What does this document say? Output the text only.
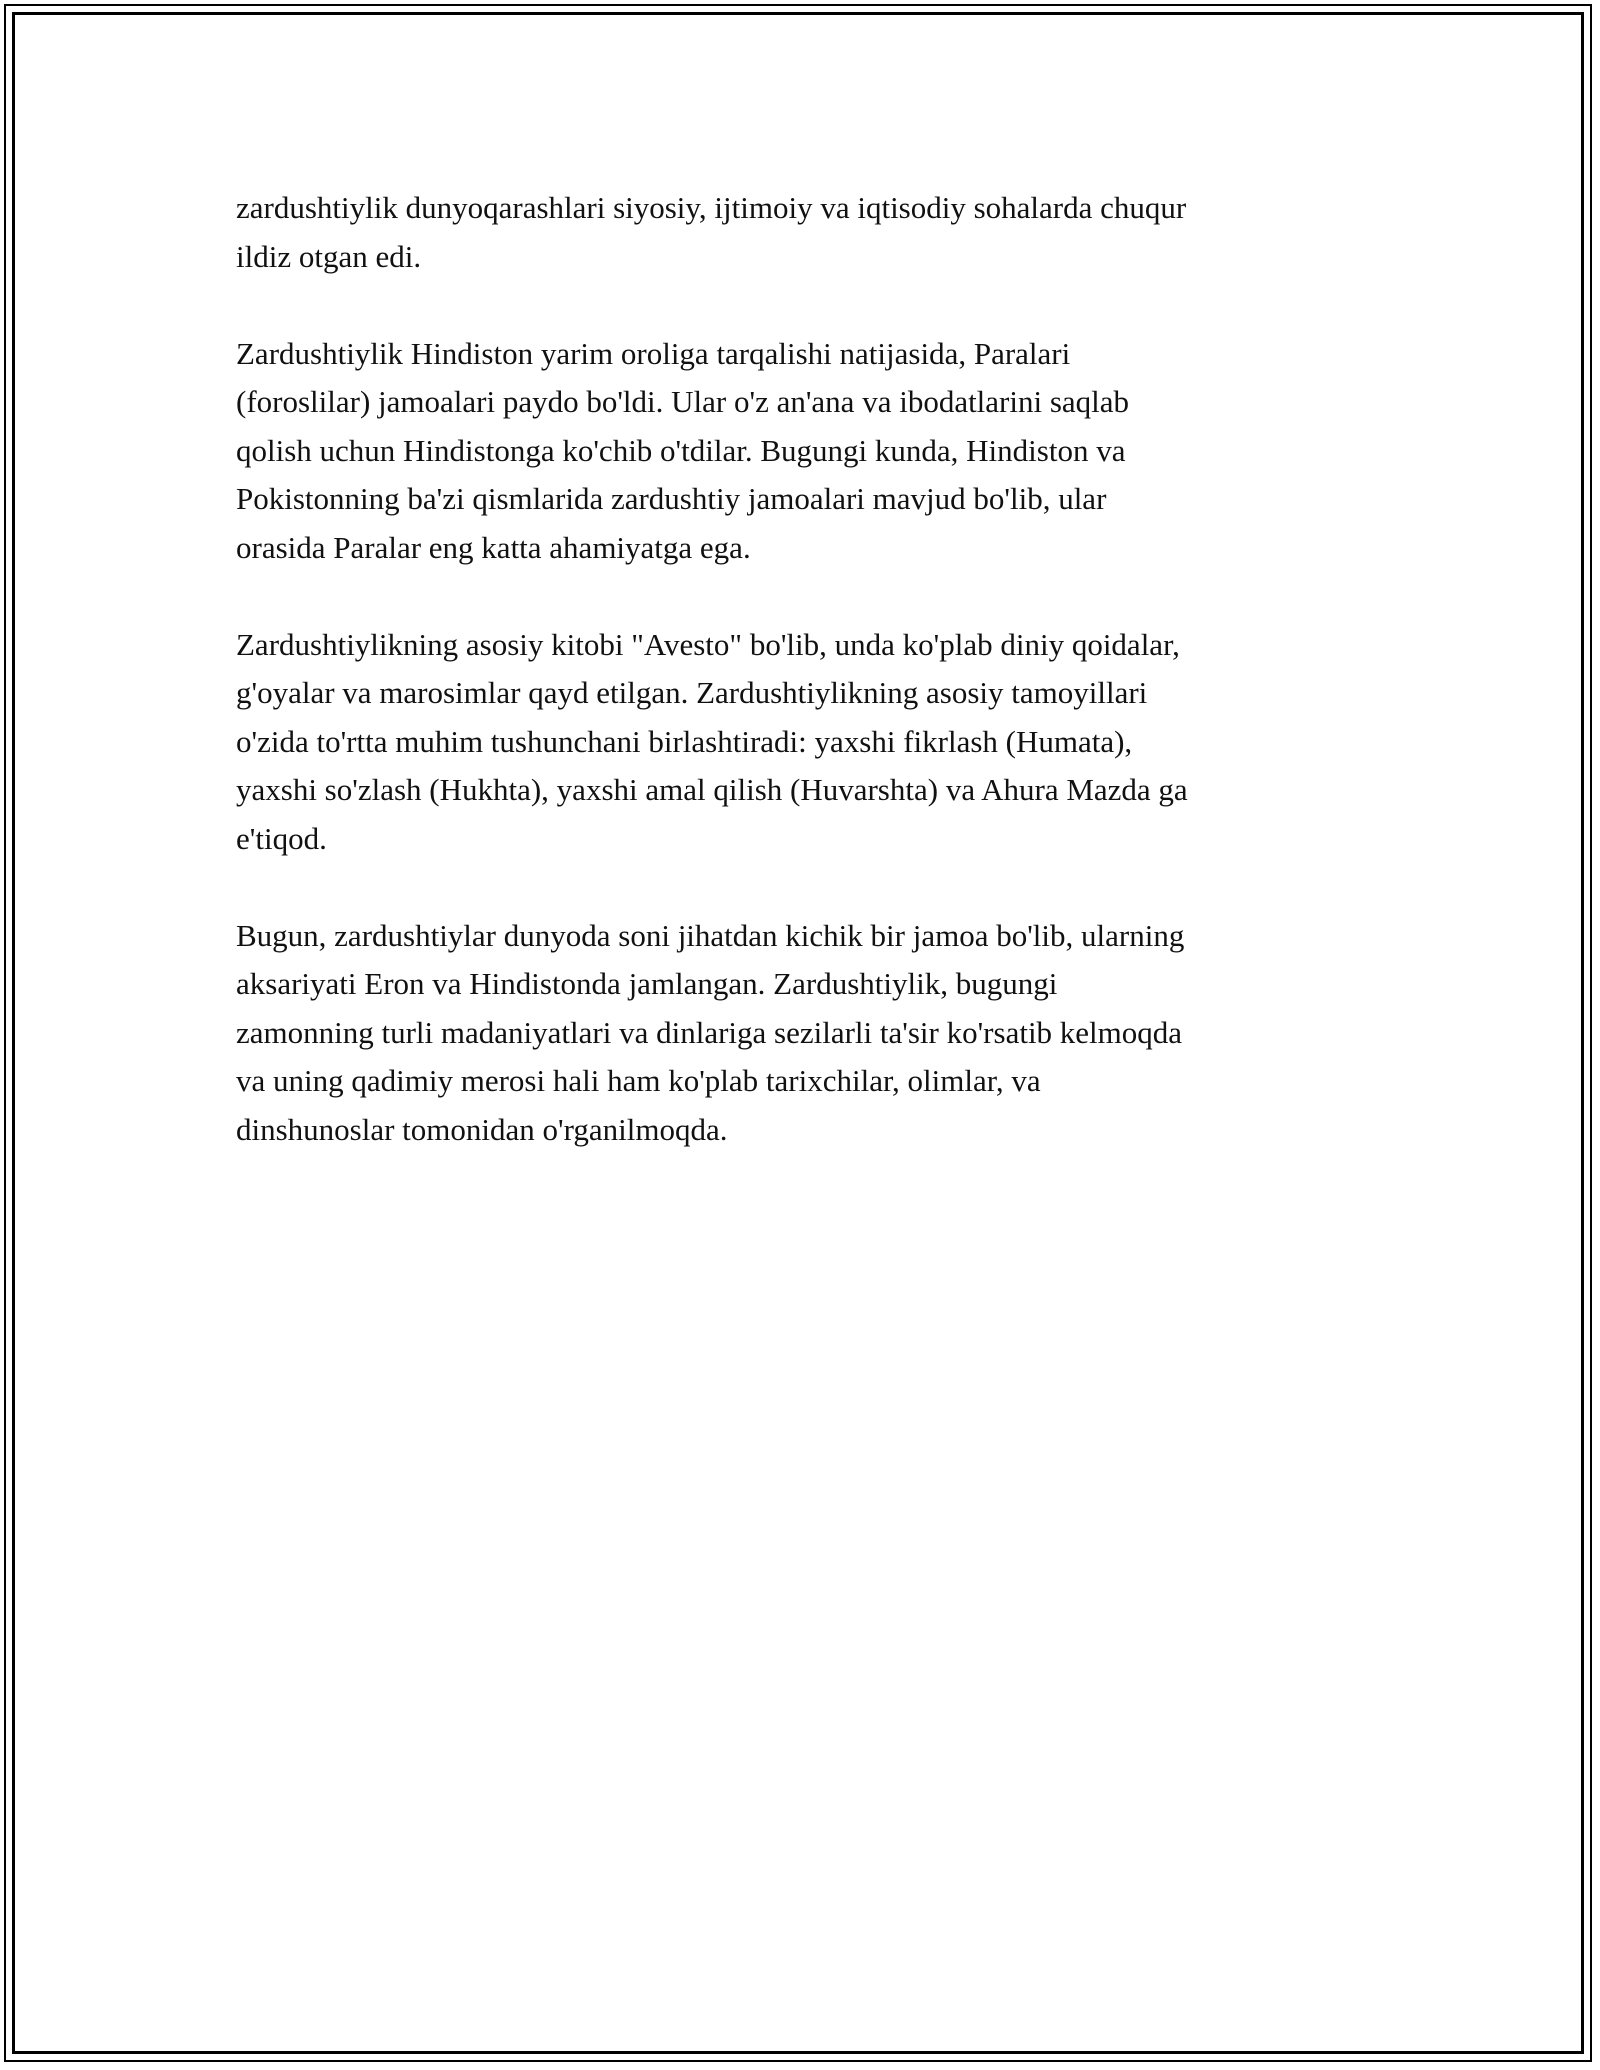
zardushtiylik dunyoqarashlari siyosiy, ijtimoiy va iqtisodiy sohalarda chuqur
ildiz otgan edi.

Zardushtiylik Hindiston yarim oroliga tarqalishi natijasida, Paralari
(foroslilar) jamoalari paydo bo'ldi. Ular o'z an'ana va ibodatlarini saqlab
qolish uchun Hindistonga ko'chib o'tdilar. Bugungi kunda, Hindiston va
Pokistonning ba'zi qismlarida zardushtiy jamoalari mavjud bo'lib, ular
orasida Paralar eng katta ahamiyatga ega.

Zardushtiylikning asosiy kitobi "Avesto" bo'lib, unda ko'plab diniy qoidalar,
g'oyalar va marosimlar qayd etilgan. Zardushtiylikning asosiy tamoyillari
o'zida to'rtta muhim tushunchani birlashtiradi: yaxshi fikrlash (Humata),
yaxshi so'zlash (Hukhta), yaxshi amal qilish (Huvarshta) va Ahura Mazda ga
e'tiqod.

Bugun, zardushtiylar dunyoda soni jihatdan kichik bir jamoa bo'lib, ularning
aksariyati Eron va Hindistonda jamlangan. Zardushtiylik, bugungi
zamonning turli madaniyatlari va dinlariga sezilarli ta'sir ko'rsatib kelmoqda
va uning qadimiy merosi hali ham ko'plab tarixchilar, olimlar, va
dinshunoslar tomonidan o'rganilmoqda.
